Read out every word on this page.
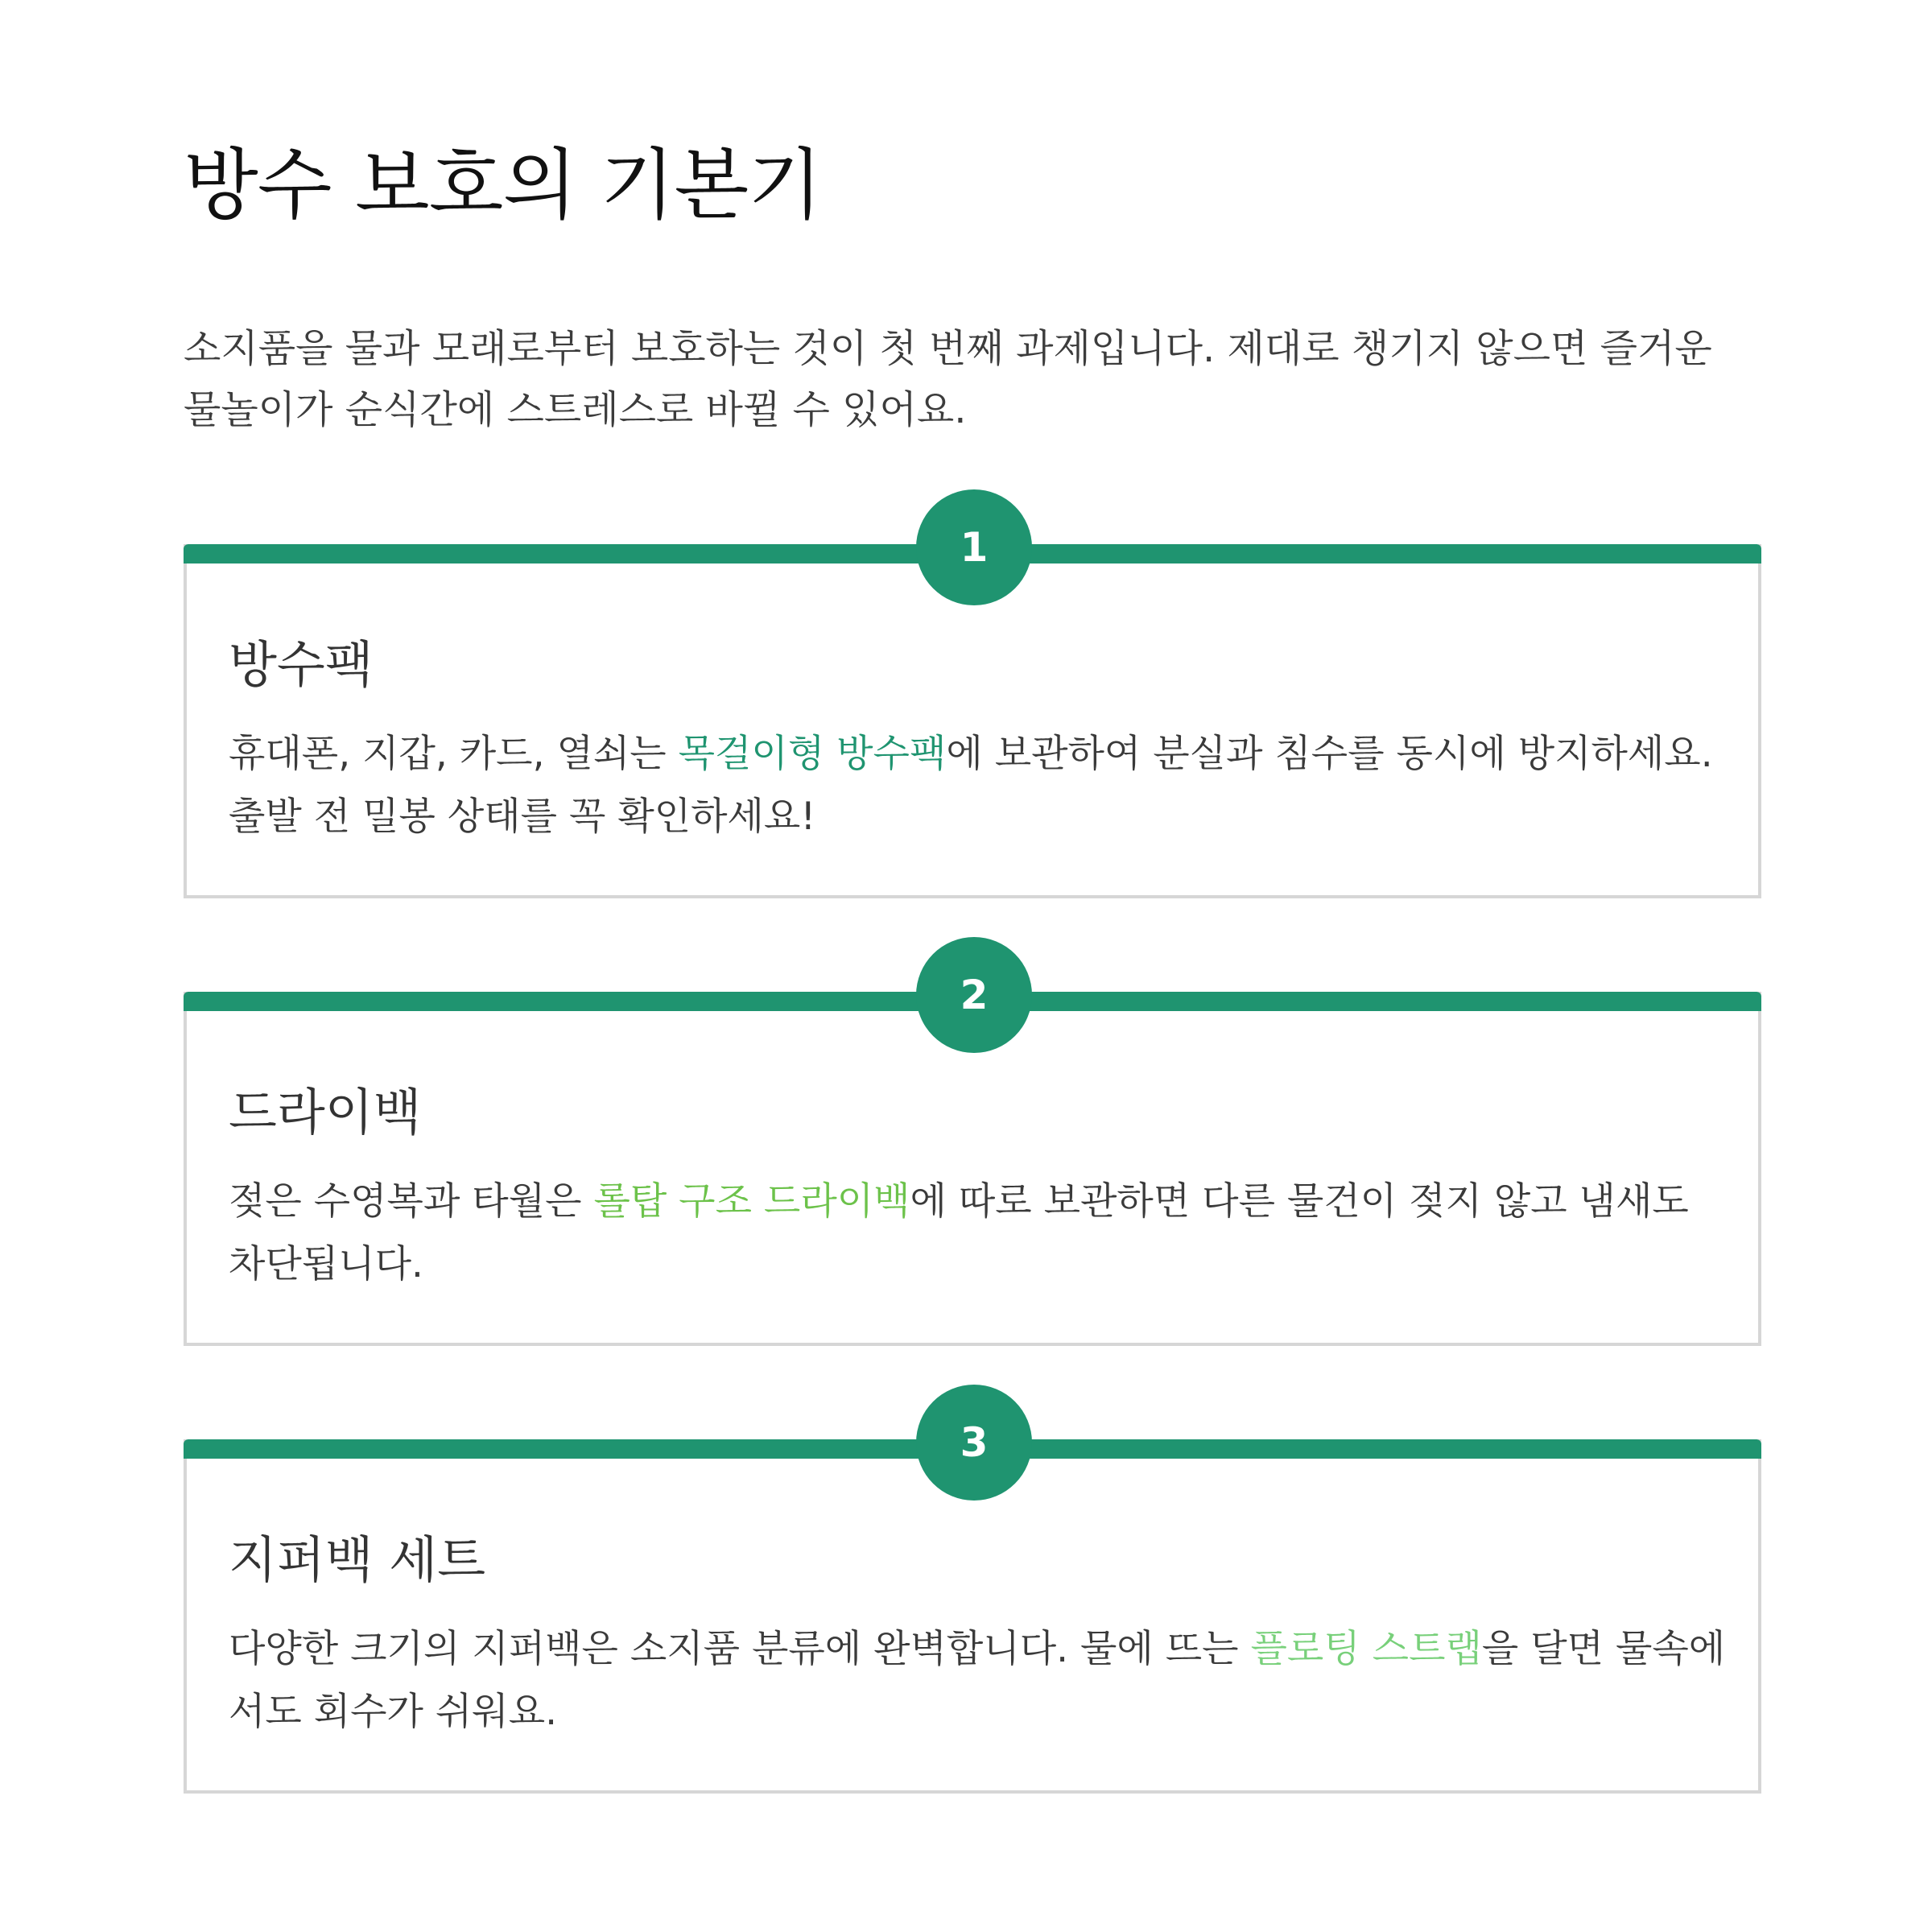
방수 보호의 기본기

소지품을 물과 모래로부터 보호하는 것이 첫 번째 과제입니다. 제대로 챙기지 않으면 즐거운 물놀이가 순식간에 스트레스로 바뀔 수 있어요.

1
방수팩

휴대폰, 지갑, 카드, 열쇠는 목걸이형 방수팩에 보관하여 분실과 침수를 동시에 방지하세요. 출발 전 밀봉 상태를 꼭 확인하세요!

2
드라이백

젖은 수영복과 타월은 롤탑 구조 드라이백에 따로 보관하면 다른 물건이 젖지 않고 냄새도 차단됩니다.

3
지퍼백 세트

다양한 크기의 지퍼백은 소지품 분류에 완벽합니다. 물에 뜨는 플로팅 스트랩을 달면 물속에서도 회수가 쉬워요.
